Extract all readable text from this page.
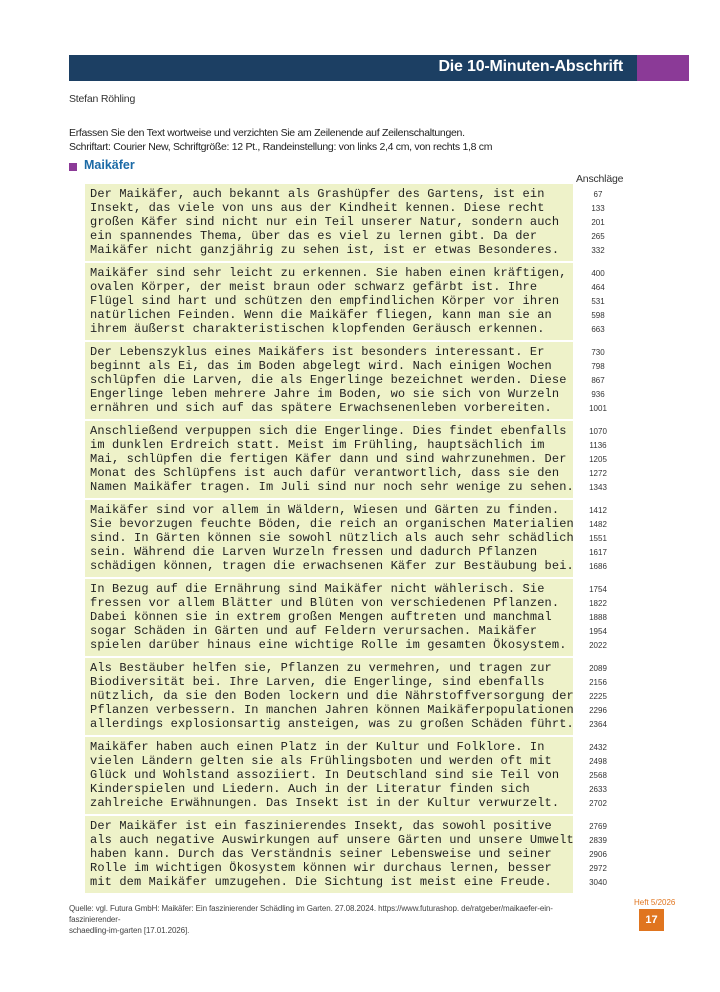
Die 10-Minuten-Abschrift
Stefan Röhling
Erfassen Sie den Text wortweise und verzichten Sie am Zeilenende auf Zeilenschaltungen.
Schriftart: Courier New, Schriftgröße: 12 Pt., Randeinstellung: von links 2,4 cm, von rechts 1,8 cm
Maikäfer
Anschläge
Der Maikäfer, auch bekannt als Grashüpfer des Gartens, ist ein
Insekt, das viele von uns aus der Kindheit kennen. Diese recht
großen Käfer sind nicht nur ein Teil unserer Natur, sondern auch
ein spannendes Thema, über das es viel zu lernen gibt. Da der
Maikäfer nicht ganzjährig zu sehen ist, ist er etwas Besonderes.
67
133
201
265
332
Maikäfer sind sehr leicht zu erkennen. Sie haben einen kräftigen,
ovalen Körper, der meist braun oder schwarz gefärbt ist. Ihre
Flügel sind hart und schützen den empfindlichen Körper vor ihren
natürlichen Feinden. Wenn die Maikäfer fliegen, kann man sie an
ihrem äußerst charakteristischen klopfenden Geräusch erkennen.
400
464
531
598
663
Der Lebenszyklus eines Maikäfers ist besonders interessant. Er
beginnt als Ei, das im Boden abgelegt wird. Nach einigen Wochen
schlüpfen die Larven, die als Engerlinge bezeichnet werden. Diese
Engerlinge leben mehrere Jahre im Boden, wo sie sich von Wurzeln
ernähren und sich auf das spätere Erwachsenenleben vorbereiten.
730
798
867
936
1001
Anschließend verpuppen sich die Engerlinge. Dies findet ebenfalls
im dunklen Erdreich statt. Meist im Frühling, hauptsächlich im
Mai, schlüpfen die fertigen Käfer dann und sind wahrzunehmen. Der
Monat des Schlüpfens ist auch dafür verantwortlich, dass sie den
Namen Maikäfer tragen. Im Juli sind nur noch sehr wenige zu sehen.
1070
1136
1205
1272
1343
Maikäfer sind vor allem in Wäldern, Wiesen und Gärten zu finden.
Sie bevorzugen feuchte Böden, die reich an organischen Materialien
sind. In Gärten können sie sowohl nützlich als auch sehr schädlich
sein. Während die Larven Wurzeln fressen und dadurch Pflanzen
schädigen können, tragen die erwachsenen Käfer zur Bestäubung bei.
1412
1482
1551
1617
1686
In Bezug auf die Ernährung sind Maikäfer nicht wählerisch. Sie
fressen vor allem Blätter und Blüten von verschiedenen Pflanzen.
Dabei können sie in extrem großen Mengen auftreten und manchmal
sogar Schäden in Gärten und auf Feldern verursachen. Maikäfer
spielen darüber hinaus eine wichtige Rolle im gesamten Ökosystem.
1754
1822
1888
1954
2022
Als Bestäuber helfen sie, Pflanzen zu vermehren, und tragen zur
Biodiversität bei. Ihre Larven, die Engerlinge, sind ebenfalls
nützlich, da sie den Boden lockern und die Nährstoffversorgung der
Pflanzen verbessern. In manchen Jahren können Maikäferpopulationen
allerdings explosionsartig ansteigen, was zu großen Schäden führt.
2089
2156
2225
2296
2364
Maikäfer haben auch einen Platz in der Kultur und Folklore. In
vielen Ländern gelten sie als Frühlingsboten und werden oft mit
Glück und Wohlstand assoziiert. In Deutschland sind sie Teil von
Kinderspielen und Liedern. Auch in der Literatur finden sich
zahlreiche Erwähnungen. Das Insekt ist in der Kultur verwurzelt.
2432
2498
2568
2633
2702
Der Maikäfer ist ein faszinierendes Insekt, das sowohl positive
als auch negative Auswirkungen auf unsere Gärten und unsere Umwelt
haben kann. Durch das Verständnis seiner Lebensweise und seiner
Rolle im wichtigen Ökosystem können wir durchaus lernen, besser
mit dem Maikäfer umzugehen. Die Sichtung ist meist eine Freude.
2769
2839
2906
2972
3040
Quelle: vgl. Futura GmbH: Maikäfer: Ein faszinierender Schädling im Garten. 27.08.2024. https://www.futurashop. de/ratgeber/maikaefer-ein-faszinierender-
schaedling-im-garten [17.01.2026].
Heft 5/2026
17
